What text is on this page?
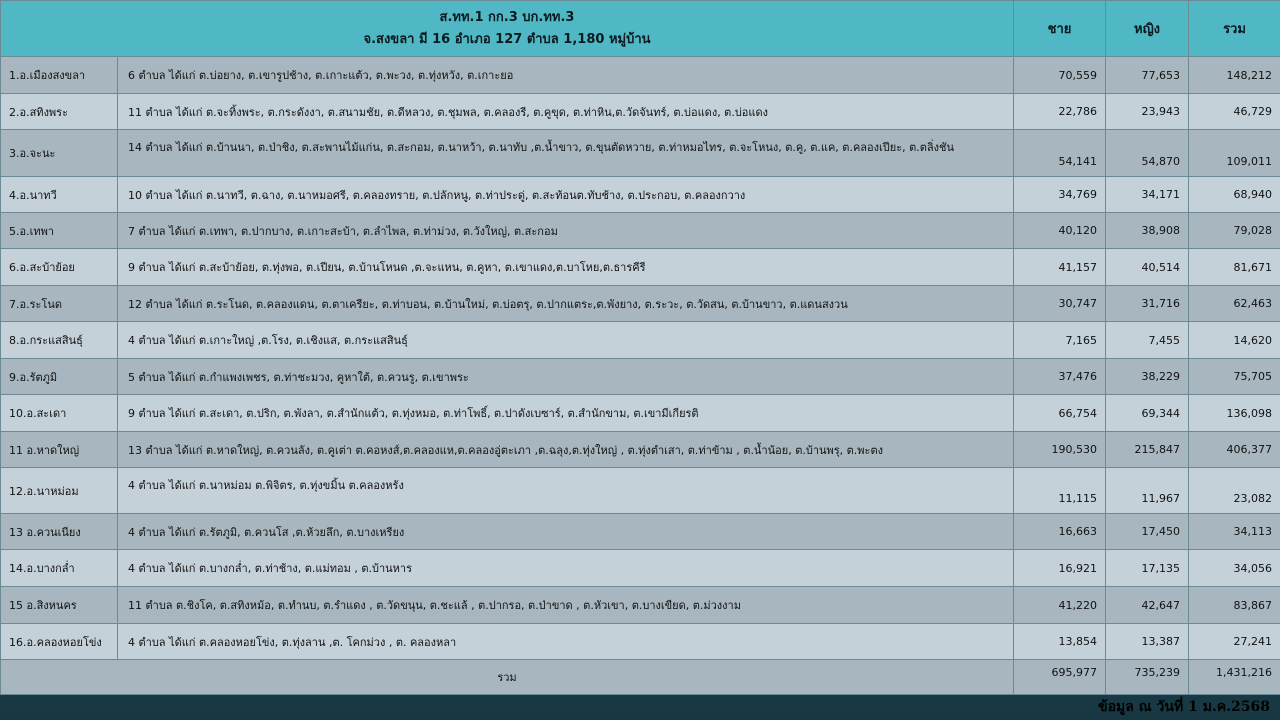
ส.ทท.1 กก.3 บก.ทท.3
จ.สงขลา มี 16 อำเภอ 127 ตำบล 1,180 หมู่บ้าน		ชาย	หญิง	รวม
1.อ.เมืองสงขลา	6 ตำบล ได้แก่ ต.บ่อยาง, ต.เขารูปช้าง, ต.เกาะแต้ว, ต.พะวง, ต.ทุ่งหวัง, ต.เกาะยอ	70,559	77,653	148,212
2.อ.สทิงพระ	11 ตำบล ได้แก่ ต.จะทิ้งพระ, ต.กระดังงา, ต.สนามชัย, ต.ดีหลวง, ต.ชุมพล, ต.คลองรี, ต.คูขุด, ต.ท่าหิน,ต.วัดจันทร์, ต.บ่อแดง, ต.บ่อแดง	22,786	23,943	46,729
3.อ.จะนะ	14 ตำบล ได้แก่ ต.บ้านนา, ต.ป่าชิง, ต.สะพานไม้แก่น, ต.สะกอม, ต.นาหว้า, ต.นาทับ ,ต.น้ำขาว, ต.ขุนตัดหวาย, ต.ท่าหมอไทร, ต.จะโหนง, ต.คู, ต.แค, ต.คลองเปียะ, ต.ตลิ่งชัน	54,141	54,870	109,011
4.อ.นาทวี	10 ตำบล ได้แก่ ต.นาทวี, ต.ฉาง, ต.นาหมอศรี, ต.คลองทราย, ต.ปลักหนู, ต.ท่าประดู่, ต.สะท้อนต.ทับช้าง, ต.ประกอบ, ต.คลองกวาง	34,769	34,171	68,940
5.อ.เทพา	7 ตำบล ได้แก่ ต.เทพา, ต.ปากบาง, ต.เกาะสะบ้า, ต.ลำไพล, ต.ท่าม่วง, ต.วังใหญ่, ต.สะกอม	40,120	38,908	79,028
6.อ.สะบ้าย้อย	9 ตำบล ได้แก่ ต.สะบ้าย้อย, ต.ทุ่งพอ, ต.เปียน, ต.บ้านโหนด ,ต.จะแหน, ต.คูหา, ต.เขาแดง,ต.บาโหย,ต.ธารคีรี	41,157	40,514	81,671
7.อ.ระโนด	12 ตำบล ได้แก่ ต.ระโนด, ต.คลองแดน, ต.ตาเครียะ, ต.ท่าบอน, ต.บ้านใหม่, ต.บ่อตรุ, ต.ปากแตระ,ต.พังยาง, ต.ระวะ, ต.วัดสน, ต.บ้านขาว, ต.แดนสงวน	30,747	31,716	62,463
8.อ.กระแสสินธุ์	4 ตำบล ได้แก่ ต.เกาะใหญ่ ,ต.โรง, ต.เชิงแส, ต.กระแสสินธุ์	7,165	7,455	14,620
9.อ.รัตภูมิ	5 ตำบล ได้แก่ ต.กำแพงเพชร, ต.ท่าชะมวง, คูหาใต้, ต.ควนรู, ต.เขาพระ	37,476	38,229	75,705
10.อ.สะเดา	9 ตำบล ได้แก่ ต.สะเดา, ต.ปริก, ต.พังลา, ต.สำนักแต้ว, ต.ทุ่งหมอ, ต.ท่าโพธิ์, ต.ปาดังเบซาร์, ต.สำนักขาม, ต.เขามีเกียรติ	66,754	69,344	136,098
11 อ.หาดใหญ่	13 ตำบล ได้แก่ ต.หาดใหญ่, ต.ควนลัง, ต.คูเต่า ต.คอหงส์,ต.คลองแห,ต.คลองอู่ตะเภา ,ต.ฉลุง,ต.ทุ่งใหญ่ , ต.ทุ่งตำเสา, ต.ท่าข้าม , ต.น้ำน้อย, ต.บ้านพรุ, ต.พะตง	190,530	215,847	406,377
12.อ.นาหม่อม	4 ตำบล ได้แก่ ต.นาหม่อม ต.พิจิตร, ต.ทุ่งขมิ้น ต.คลองหรัง	11,115	11,967	23,082
13 อ.ควนเนียง	4 ตำบล ได้แก่ ต.รัตภูมิ, ต.ควนโส ,ต.ห้วยลึก, ต.บางเหรียง	16,663	17,450	34,113
14.อ.บางกล่ำ	4 ตำบล ได้แก่ ต.บางกล่ำ, ต.ท่าช้าง, ต.แม่ทอม , ต.บ้านหาร	16,921	17,135	34,056
15 อ.สิงหนคร	11 ตำบล ต.ชิงโค, ต.สทิงหม้อ, ต.ทำนบ, ต.รำแดง , ต.วัดขนุน, ต.ชะแล้ , ต.ปากรอ, ต.ป่าขาด , ต.หัวเขา, ต.บางเขียด, ต.ม่วงงาม	41,220	42,647	83,867
16.อ.คลองหอยโข่ง	4 ตำบล ได้แก่ ต.คลองหอยโข่ง, ต.ทุ่งลาน ,ต. โคกม่วง , ต. คลองหลา	13,854	13,387	27,241
รวม		695,977	735,239	1,431,216
ข้อมูล ณ วันที่ 1 ม.ค.2568
